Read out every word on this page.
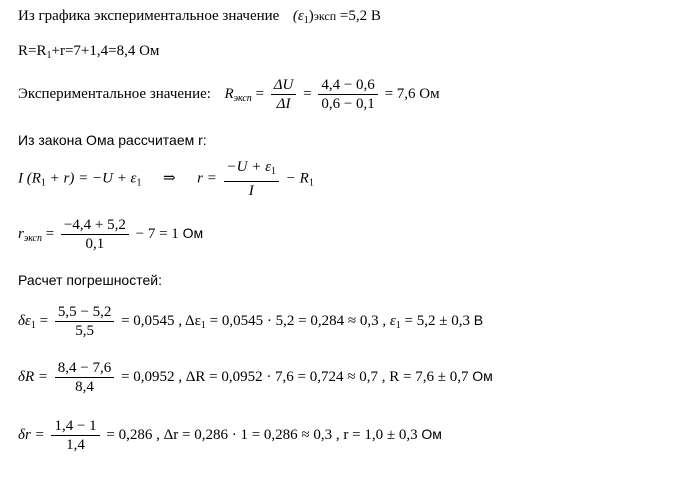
Из графика экспериментальное значение $(\varepsilon_1)эксп =5,2$ В
$R=R_1+r=7+1,4=8,4$ Ом
Экспериментальное значение: $R_{эксп} = \frac{\Delta U}{\Delta I} = \frac{4,4 - 0,6}{0,6 - 0,1} = 7,6$ Ом
Из закона Ома рассчитаем r:
I $(R_1 + r) = -U + \varepsilon_1$ ⇒ $r = \frac{-U + \varepsilon_1}{I} - R_1$
$r_{эксп} = \frac{-4,4 + 5,2}{0,1} - 7 = 1$ Ом
Расчет погрешностей:
$\delta\varepsilon_1 = \frac{5,5 - 5,2}{5,5} = 0,0545$ , $\Delta\varepsilon_1 = 0,0545 \cdot 5,2 = 0,284 \approx 0,3$ , $\varepsilon_1 = 5,2 \pm 0,3$ В
$\delta R = \frac{8,4 - 7,6}{8,4} = 0,0952$ , ΔR = 0,0952 · 7,6 = 0,724 ≈ 0,7 , R = 7,6 ± 0,7 Ом
$\delta r = \frac{1,4 - 1}{1,4} = 0,286$ , Δr = 0,286 · 1 = 0,286 ≈ 0,3 , r = 1,0 ± 0,3 Ом
